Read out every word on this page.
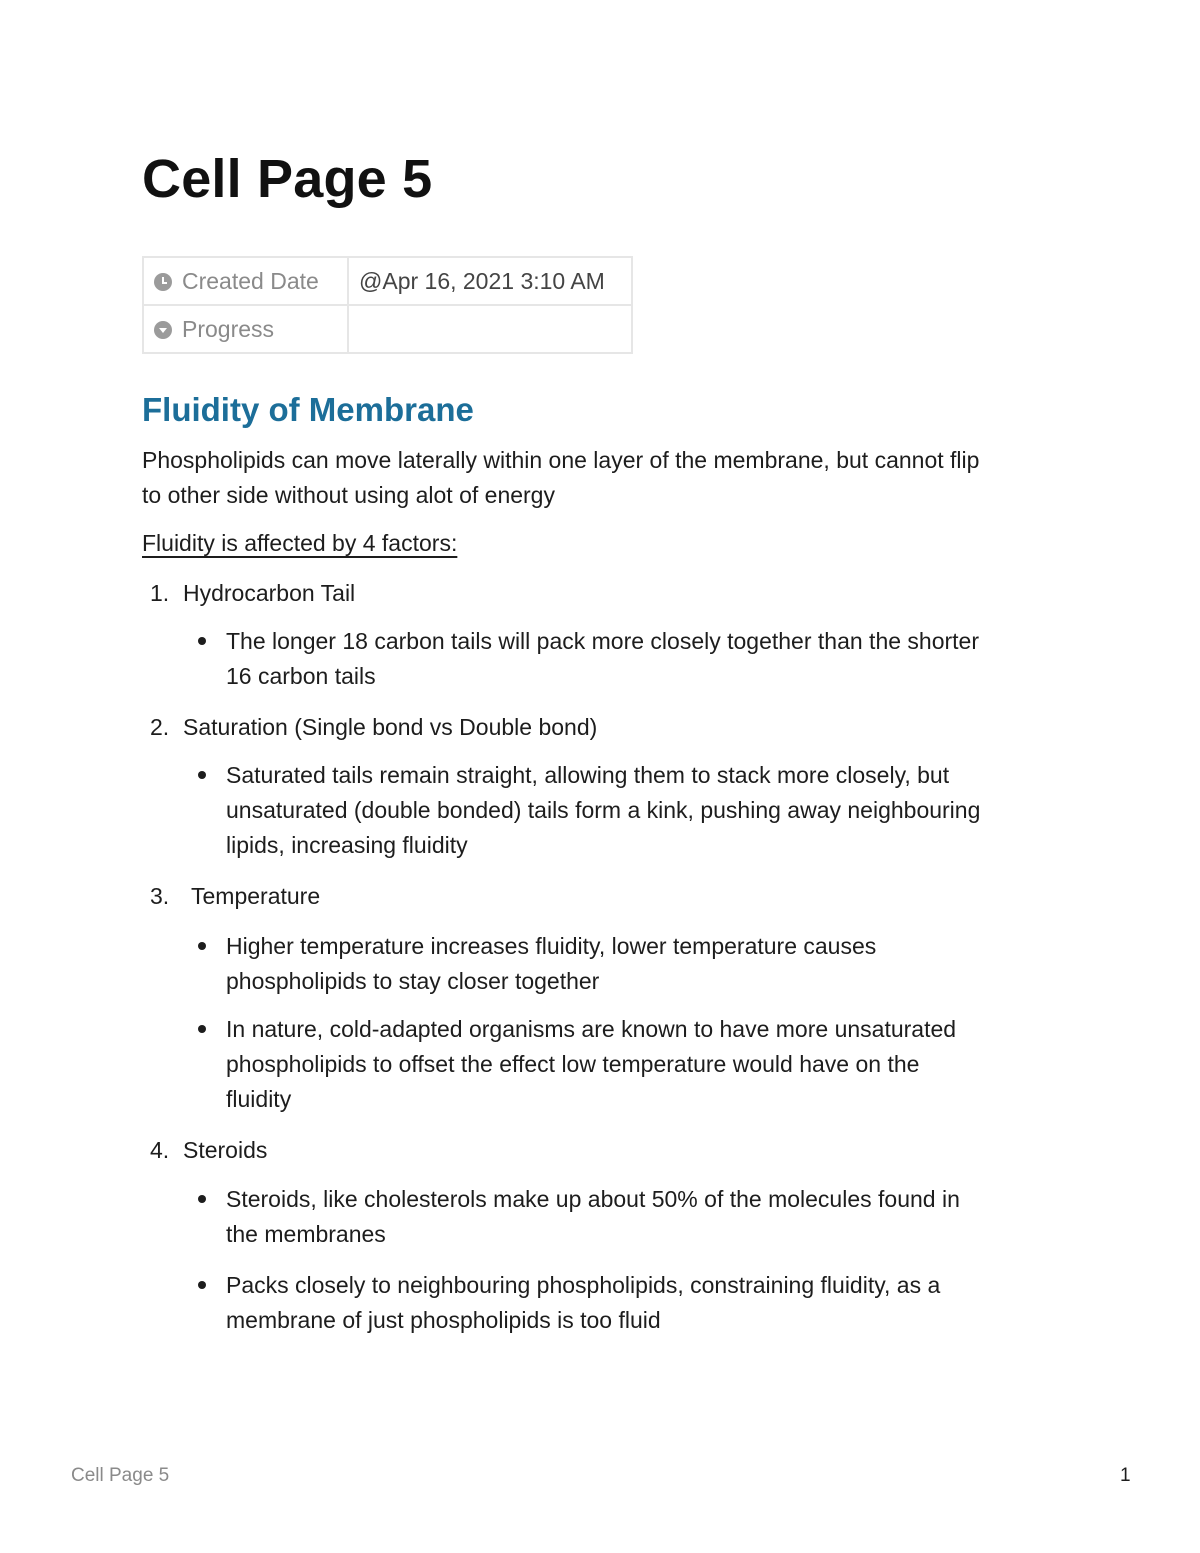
Cell Page 5
Created Date	@Apr 16, 2021 3:10 AM
Progress	
Fluidity of Membrane

Phospholipids can move laterally within one layer of the membrane, but cannot flip

to other side without using alot of energy

Fluidity is affected by 4 factors:

1. Hydrocarbon Tail

The longer 18 carbon tails will pack more closely together than the shorter

16 carbon tails

2. Saturation (Single bond vs Double bond)

Saturated tails remain straight, allowing them to stack more closely, but

unsaturated (double bonded) tails form a kink, pushing away neighbouring

lipids, increasing fluidity

3. Temperature

Higher temperature increases fluidity, lower temperature causes

phospholipids to stay closer together

In nature, cold-adapted organisms are known to have more unsaturated

phospholipids to offset the effect low temperature would have on the

fluidity

4. Steroids

Steroids, like cholesterols make up about 50% of the molecules found in

the membranes

Packs closely to neighbouring phospholipids, constraining fluidity, as a

membrane of just phospholipids is too fluid

Cell Page 5	1
